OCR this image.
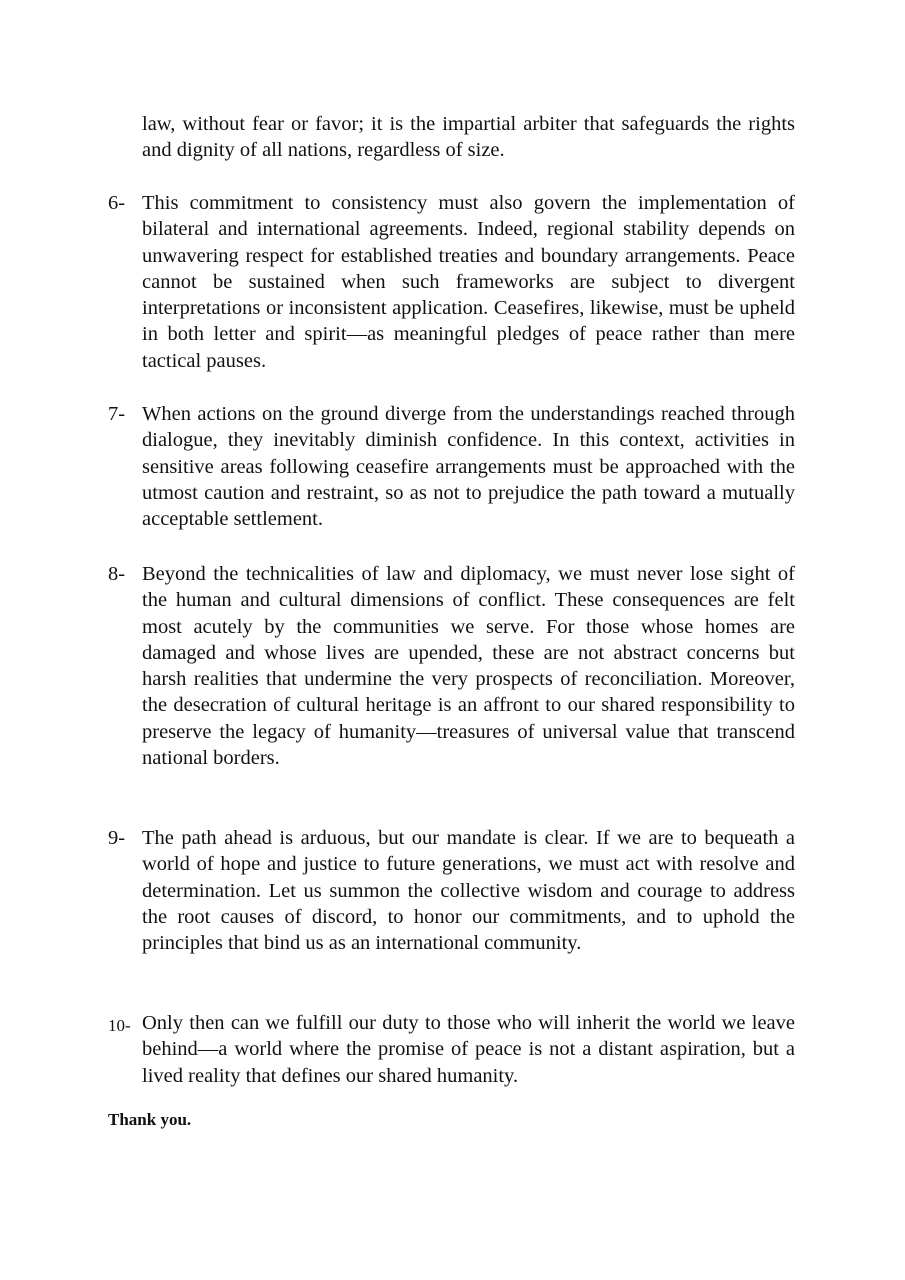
law, without fear or favor; it is the impartial arbiter that safeguards the rights and dignity of all nations, regardless of size.

6- This commitment to consistency must also govern the implementation of bilateral and international agreements. Indeed, regional stability depends on unwavering respect for established treaties and boundary arrangements. Peace cannot be sustained when such frameworks are subject to divergent interpretations or inconsistent application. Ceasefires, likewise, must be upheld in both letter and spirit—as meaningful pledges of peace rather than mere tactical pauses.

7- When actions on the ground diverge from the understandings reached through dialogue, they inevitably diminish confidence. In this context, activities in sensitive areas following ceasefire arrangements must be approached with the utmost caution and restraint, so as not to prejudice the path toward a mutually acceptable settlement.

8- Beyond the technicalities of law and diplomacy, we must never lose sight of the human and cultural dimensions of conflict. These consequences are felt most acutely by the communities we serve. For those whose homes are damaged and whose lives are upended, these are not abstract concerns but harsh realities that undermine the very prospects of reconciliation. Moreover, the desecration of cultural heritage is an affront to our shared responsibility to preserve the legacy of humanity—treasures of universal value that transcend national borders.

9- The path ahead is arduous, but our mandate is clear. If we are to bequeath a world of hope and justice to future generations, we must act with resolve and determination. Let us summon the collective wisdom and courage to address the root causes of discord, to honor our commitments, and to uphold the principles that bind us as an international community.

10- Only then can we fulfill our duty to those who will inherit the world we leave behind—a world where the promise of peace is not a distant aspiration, but a lived reality that defines our shared humanity.

Thank you.
